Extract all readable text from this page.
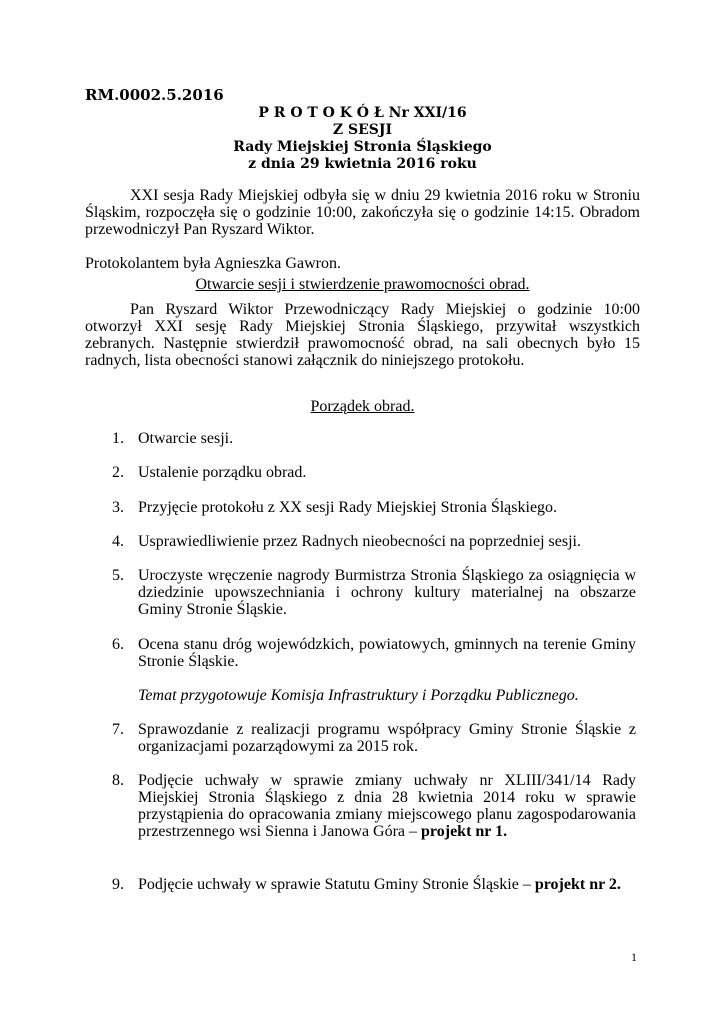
RM.0002.5.2016
P R O T O K Ó Ł Nr XXI/16
Z SESJI
Rady Miejskiej Stronia Śląskiego
z dnia 29 kwietnia 2016 roku
XXI sesja Rady Miejskiej odbyła się w dniu 29 kwietnia 2016 roku w Stroniu Śląskim, rozpoczęła się o godzinie 10:00, zakończyła się o godzinie 14:15. Obradom przewodniczył Pan Ryszard Wiktor.
Protokolantem była Agnieszka Gawron.
Otwarcie sesji i stwierdzenie prawomocności obrad.
Pan Ryszard Wiktor Przewodniczący Rady Miejskiej o godzinie 10:00 otworzył XXI sesję Rady Miejskiej Stronia Śląskiego, przywitał wszystkich zebranych. Następnie stwierdził prawomocność obrad, na sali obecnych było 15 radnych, lista obecności stanowi załącznik do niniejszego protokołu.
Porządek obrad.
1. Otwarcie sesji.
2. Ustalenie porządku obrad.
3. Przyjęcie protokołu z XX sesji Rady Miejskiej Stronia Śląskiego.
4. Usprawiedliwienie przez Radnych nieobecności na poprzedniej sesji.
5. Uroczyste wręczenie nagrody Burmistrza Stronia Śląskiego za osiągnięcia w dziedzinie upowszechniania i ochrony kultury materialnej na obszarze Gminy Stronie Śląskie.
6. Ocena stanu dróg wojewódzkich, powiatowych, gminnych na terenie Gminy Stronie Śląskie.
Temat przygotowuje Komisja Infrastruktury i Porządku Publicznego.
7. Sprawozdanie z realizacji programu współpracy Gminy Stronie Śląskie z organizacjami pozarządowymi za 2015 rok.
8. Podjęcie uchwały w sprawie zmiany uchwały nr XLIII/341/14 Rady Miejskiej Stronia Śląskiego z dnia 28 kwietnia 2014 roku w sprawie przystąpienia do opracowania zmiany miejscowego planu zagospodarowania przestrzennego wsi Sienna i Janowa Góra – projekt nr 1.
9. Podjęcie uchwały w sprawie Statutu Gminy Stronie Śląskie – projekt nr 2.
1
